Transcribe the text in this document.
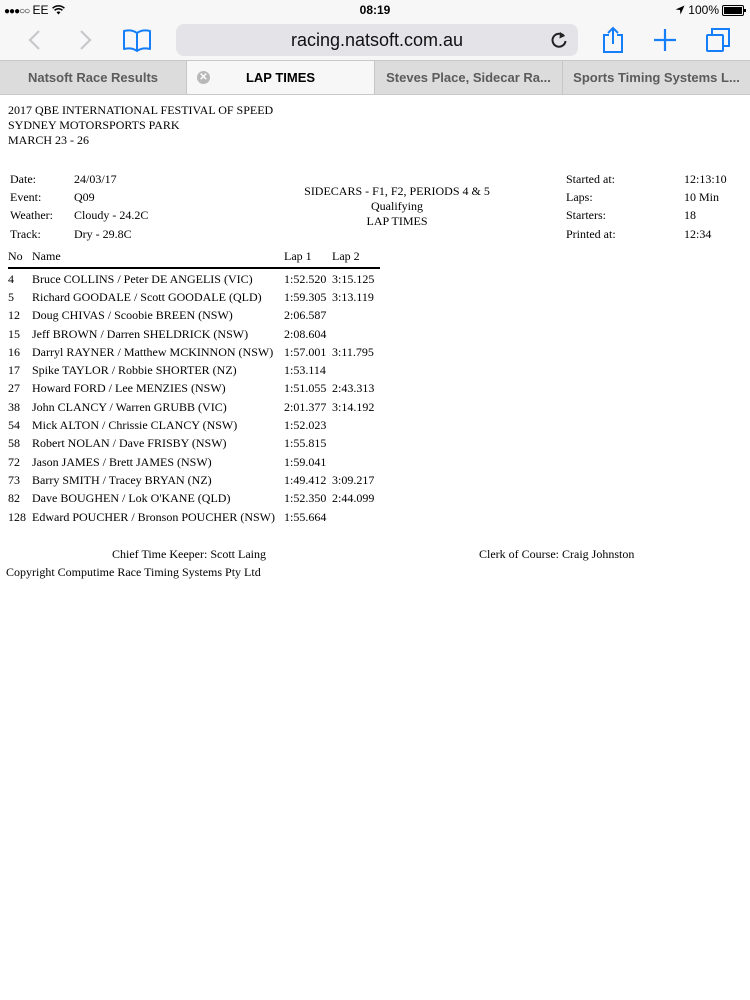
●●●○○ EE	08:19	100%
racing.natsoft.com.au
Natsoft Race Results	✕	LAP TIMES	Steves Place, Sidecar Ra... Sports Timing Systems L...
2017 QBE INTERNATIONAL FESTIVAL OF SPEED
SYDNEY MOTORSPORTS PARK
MARCH 23 - 26
Date:	24/03/17
Event:	Q09
Weather: Cloudy - 24.2C
Track:	Dry - 29.8C
SIDECARS - F1, F2, PERIODS 4 & 5
Qualifying
LAP TIMES
Started at:	12:13:10
Laps:	10 Min
Starters:	18
Printed at:	12:34
No	Name	Lap 1	Lap 2
4	Bruce COLLINS / Peter DE ANGELIS (VIC)	1:52.520	3:15.125
5	Richard GOODALE / Scott GOODALE (QLD)	1:59.305	3:13.119
12	Doug CHIVAS / Scoobie BREEN (NSW)	2:06.587	
15	Jeff BROWN / Darren SHELDRICK (NSW)	2:08.604	
16	Darryl RAYNER / Matthew MCKINNON (NSW)	1:57.001	3:11.795
17	Spike TAYLOR / Robbie SHORTER (NZ)	1:53.114	
27	Howard FORD / Lee MENZIES (NSW)	1:51.055	2:43.313
38	John CLANCY / Warren GRUBB (VIC)	2:01.377	3:14.192
54	Mick ALTON / Chrissie CLANCY (NSW)	1:52.023	
58	Robert NOLAN / Dave FRISBY (NSW)	1:55.815	
72	Jason JAMES / Brett JAMES (NSW)	1:59.041	
73	Barry SMITH / Tracey BRYAN (NZ)	1:49.412	3:09.217
82	Dave BOUGHEN / Lok O'KANE (QLD)	1:52.350	2:44.099
128	Edward POUCHER / Bronson POUCHER (NSW)	1:55.664	
Chief Time Keeper: Scott Laing	Clerk of Course: Craig Johnston
Copyright Computime Race Timing Systems Pty Ltd
